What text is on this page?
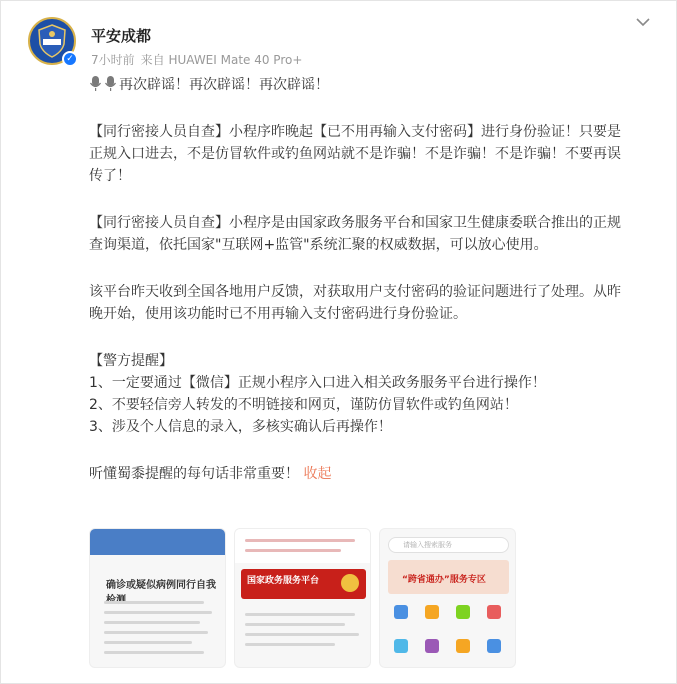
✓
平安成都
7小时前 来自 HUAWEI Mate 40 Pro+

再次辟谣！再次辟谣！再次辟谣！

【同行密接人员自查】小程序昨晚起【已不用再输入支付密码】进行身份验证！只要是

正规入口进去，不是仿冒软件或钓鱼网站就不是诈骗！不是诈骗！不是诈骗！不要再误

传了！

【同行密接人员自查】小程序是由国家政务服务平台和国家卫生健康委联合推出的正规

查询渠道，依托国家"互联网+监管"系统汇聚的权威数据，可以放心使用。

该平台昨天收到全国各地用户反馈，对获取用户支付密码的验证问题进行了处理。从昨

晚开始，使用该功能时已不用再输入支付密码进行身份验证。

【警方提醒】

1、一定要通过【微信】正规小程序入口进入相关政务服务平台进行操作！

2、不要轻信旁人转发的不明链接和网页，谨防仿冒软件或钓鱼网站！

3、涉及个人信息的录入，多核实确认后再操作！

听懂蜀黍提醒的每句话非常重要！ 收起

确诊或疑似病例同行自我	国家政务服务平台
请输入搜索服务
“跨省通办”服务专区
